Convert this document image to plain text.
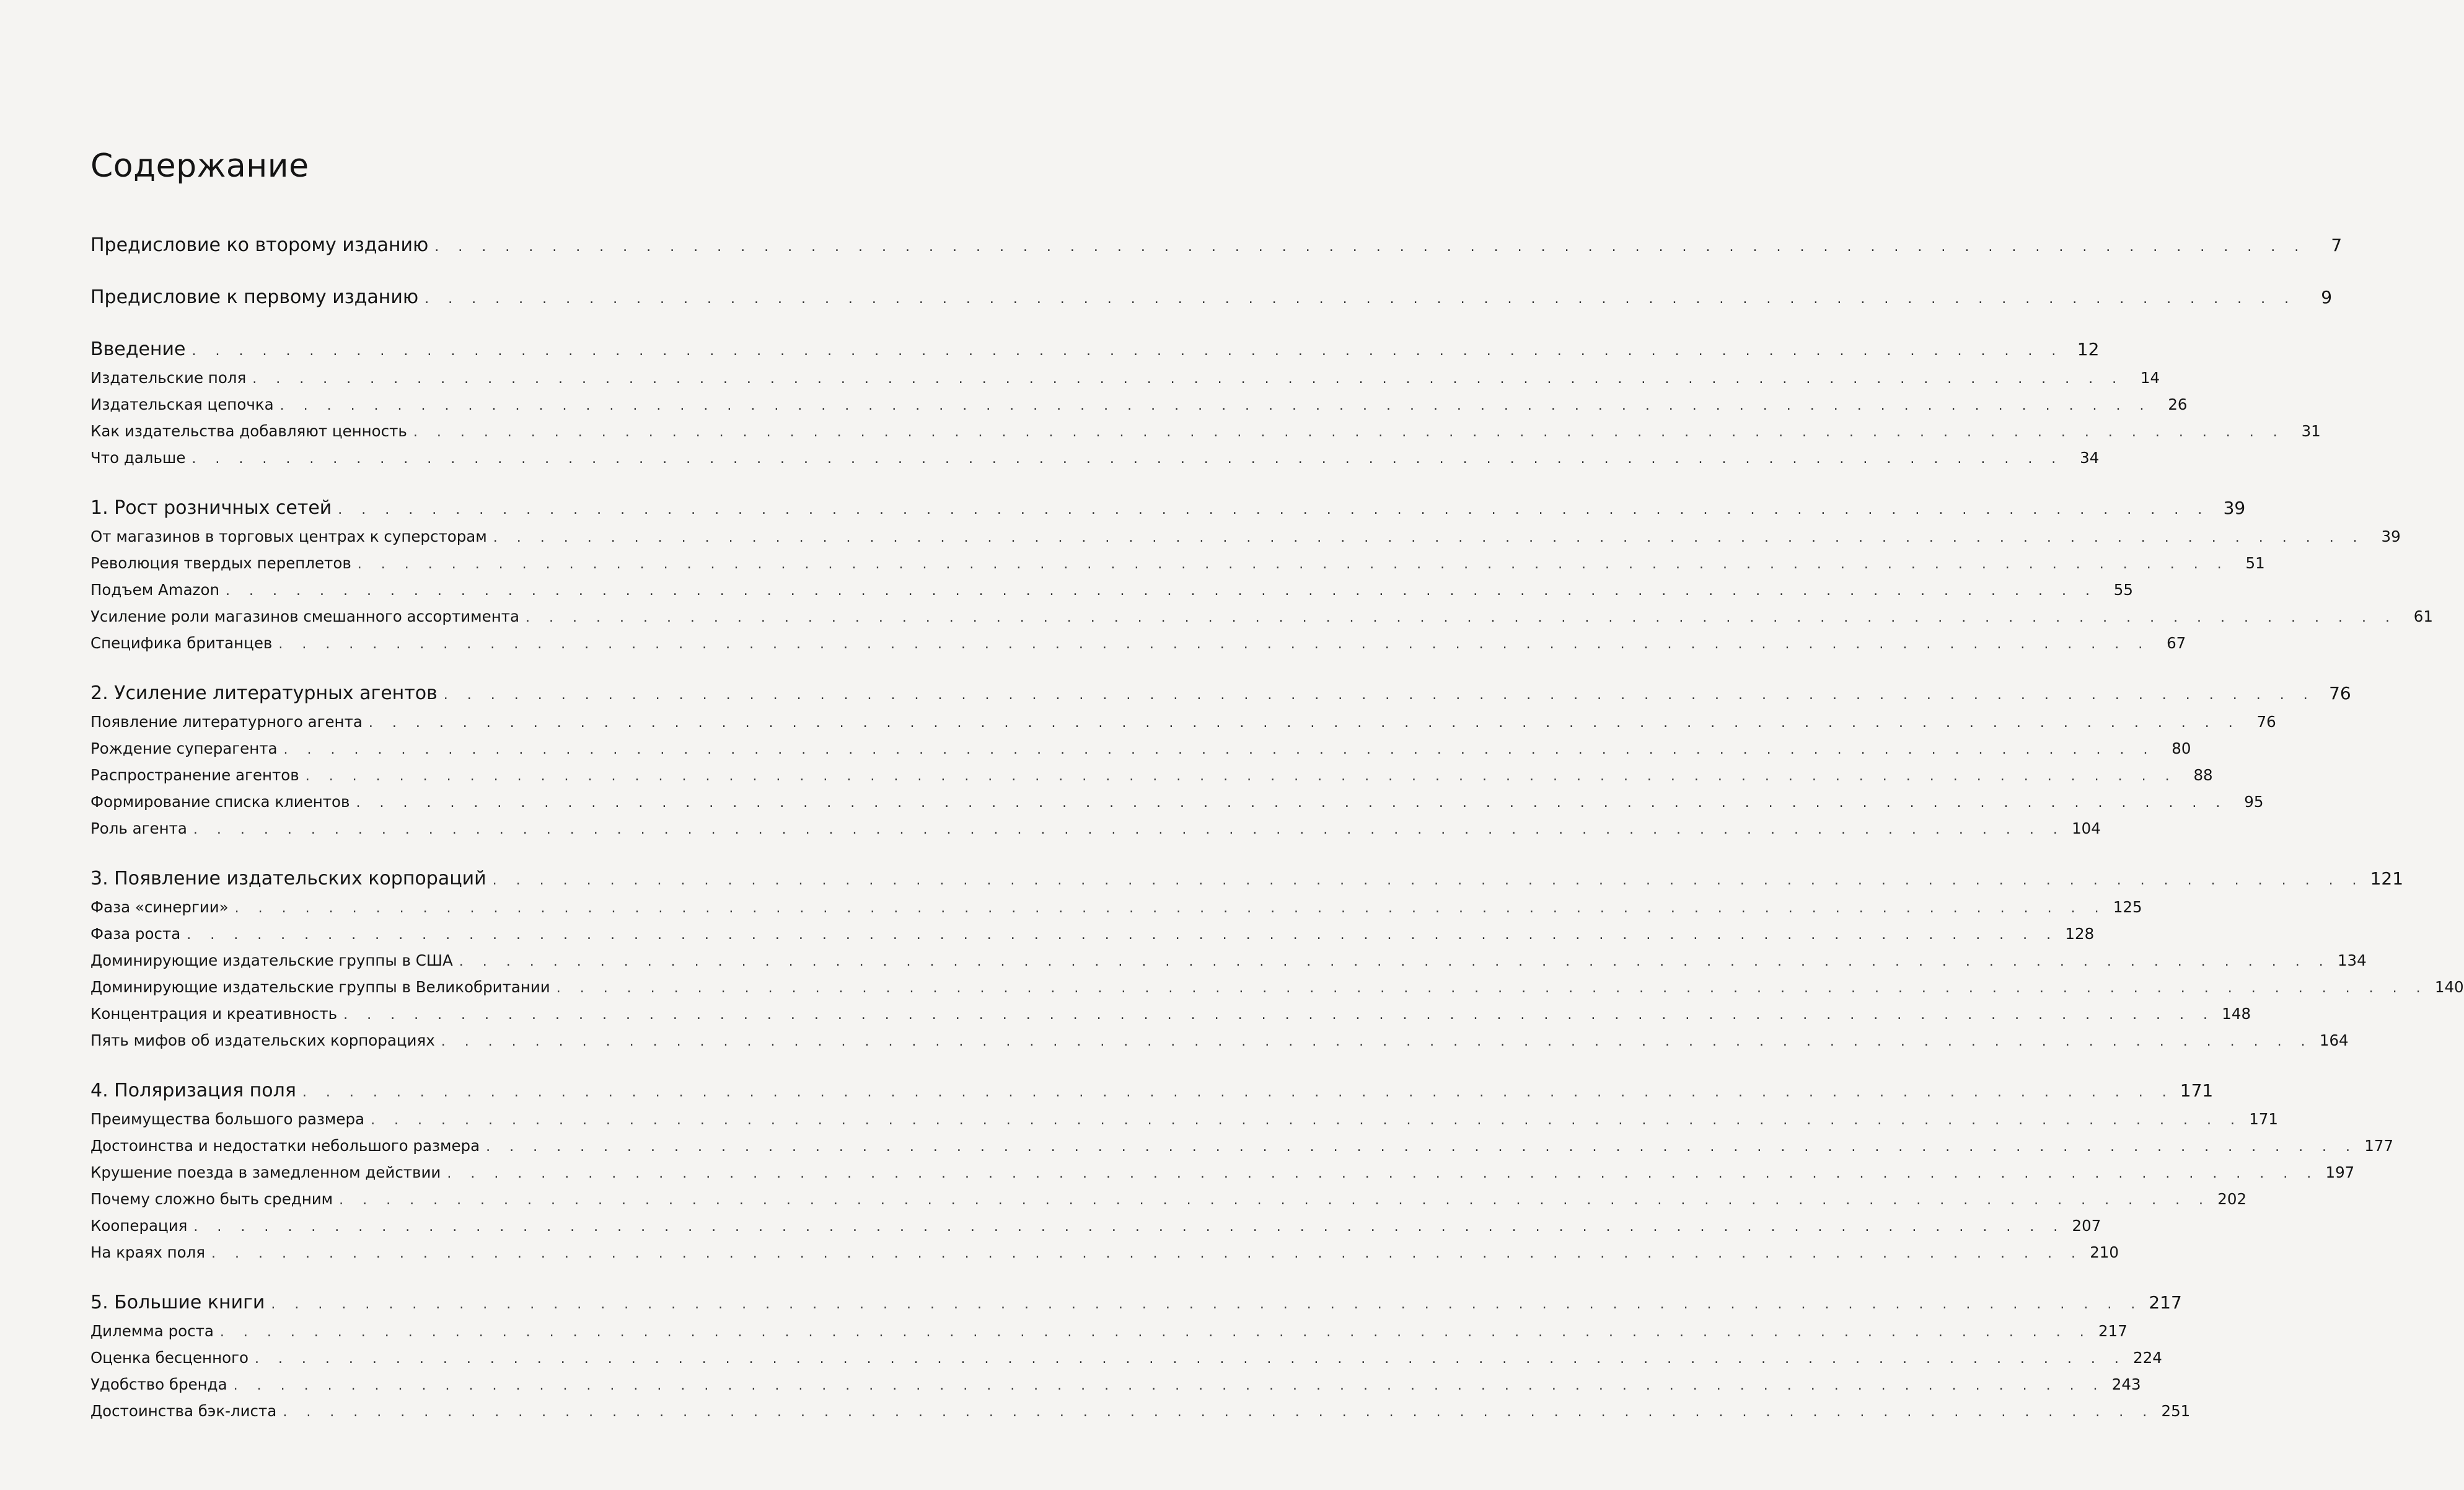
Содержание
Предисловие ко второму изданию . . . . . . . . . . . . . . . . . . . . . . . . . . . . . . . . . . . . . . . . . . . . . . . . . . . . . . . . . . . . . . . . . . . . . . . . . . . . . . . .	7
Предисловие к первому изданию . . . . . . . . . . . . . . . . . . . . . . . . . . . . . . . . . . . . . . . . . . . . . . . . . . . . . . . . . . . . . . . . . . . . . . . . . . . . . . . .	9
Введение . . . . . . . . . . . . . . . . . . . . . . . . . . . . . . . . . . . . . . . . . . . . . . . . . . . . . . . . . . . . . . . . . . . . . . . . . . . . . . . . 12
Издательские поля . . . . . . . . . . . . . . . . . . . . . . . . . . . . . . . . . . . . . . . . . . . . . . . . . . . . . . . . . . . . . . . . . . . . . . . . . . . . . . . .	14
Издательская цепочка . . . . . . . . . . . . . . . . . . . . . . . . . . . . . . . . . . . . . . . . . . . . . . . . . . . . . . . . . . . . . . . . . . . . . . . . . . . . . . . .	26
Как издательства добавляют ценность . . . . . . . . . . . . . . . . . . . . . . . . . . . . . . . . . . . . . . . . . . . . . . . . . . . . . . . . . . . . . . . . . . . . . . . . . . . . . . . .	31
Что дальше . . . . . . . . . . . . . . . . . . . . . . . . . . . . . . . . . . . . . . . . . . . . . . . . . . . . . . . . . . . . . . . . . . . . . . . . . . . . . . . .	34
1. Рост розничных сетей . . . . . . . . . . . . . . . . . . . . . . . . . . . . . . . . . . . . . . . . . . . . . . . . . . . . . . . . . . . . . . . . . . . . . . . . . . . . . . . . 39
От магазинов в торговых центрах к суперсторам . . . . . . . . . . . . . . . . . . . . . . . . . . . . . . . . . . . . . . . . . . . . . . . . . . . . . . . . . . . . . . . . . . . . . . . . . . . . . . . .	39
Революция твердых переплетов . . . . . . . . . . . . . . . . . . . . . . . . . . . . . . . . . . . . . . . . . . . . . . . . . . . . . . . . . . . . . . . . . . . . . . . . . . . . . . . .	51
Подъем Amazon . . . . . . . . . . . . . . . . . . . . . . . . . . . . . . . . . . . . . . . . . . . . . . . . . . . . . . . . . . . . . . . . . . . . . . . . . . . . . . . .	55
Усиление роли магазинов смешанного ассортимента . . . . . . . . . . . . . . . . . . . . . . . . . . . . . . . . . . . . . . . . . . . . . . . . . . . . . . . . . . . . . . . . . . . . . . . . . . . . . . . .	61
Специфика британцев . . . . . . . . . . . . . . . . . . . . . . . . . . . . . . . . . . . . . . . . . . . . . . . . . . . . . . . . . . . . . . . . . . . . . . . . . . . . . . . .	67
2. Усиление литературных агентов . . . . . . . . . . . . . . . . . . . . . . . . . . . . . . . . . . . . . . . . . . . . . . . . . . . . . . . . . . . . . . . . . . . . . . . . . . . . . . . . 76
Появление литературного агента . . . . . . . . . . . . . . . . . . . . . . . . . . . . . . . . . . . . . . . . . . . . . . . . . . . . . . . . . . . . . . . . . . . . . . . . . . . . . . . .	76
Рождение суперагента . . . . . . . . . . . . . . . . . . . . . . . . . . . . . . . . . . . . . . . . . . . . . . . . . . . . . . . . . . . . . . . . . . . . . . . . . . . . . . . .	80
Распространение агентов . . . . . . . . . . . . . . . . . . . . . . . . . . . . . . . . . . . . . . . . . . . . . . . . . . . . . . . . . . . . . . . . . . . . . . . . . . . . . . . .	88
Формирование списка клиентов . . . . . . . . . . . . . . . . . . . . . . . . . . . . . . . . . . . . . . . . . . . . . . . . . . . . . . . . . . . . . . . . . . . . . . . . . . . . . . . .	95
Роль агента . . . . . . . . . . . . . . . . . . . . . . . . . . . . . . . . . . . . . . . . . . . . . . . . . . . . . . . . . . . . . . . . . . . . . . . . . . . . . . . . 104
3. Появление издательских корпораций . . . . . . . . . . . . . . . . . . . . . . . . . . . . . . . . . . . . . . . . . . . . . . . . . . . . . . . . . . . . . . . . . . . . . . . . . . . . . . . . 121
Фаза «синергии» . . . . . . . . . . . . . . . . . . . . . . . . . . . . . . . . . . . . . . . . . . . . . . . . . . . . . . . . . . . . . . . . . . . . . . . . . . . . . . . . 125
Фаза роста . . . . . . . . . . . . . . . . . . . . . . . . . . . . . . . . . . . . . . . . . . . . . . . . . . . . . . . . . . . . . . . . . . . . . . . . . . . . . . . . 128
Доминирующие издательские группы в США . . . . . . . . . . . . . . . . . . . . . . . . . . . . . . . . . . . . . . . . . . . . . . . . . . . . . . . . . . . . . . . . . . . . . . . . . . . . . . . . 134
Доминирующие издательские группы в Великобритании . . . . . . . . . . . . . . . . . . . . . . . . . . . . . . . . . . . . . . . . . . . . . . . . . . . . . . . . . . . . . . . . . . . . . . . . . . . . . . . . 140
Концентрация и креативность . . . . . . . . . . . . . . . . . . . . . . . . . . . . . . . . . . . . . . . . . . . . . . . . . . . . . . . . . . . . . . . . . . . . . . . . . . . . . . . . 148
Пять мифов об издательских корпорациях . . . . . . . . . . . . . . . . . . . . . . . . . . . . . . . . . . . . . . . . . . . . . . . . . . . . . . . . . . . . . . . . . . . . . . . . . . . . . . . . 164
4. Поляризация поля . . . . . . . . . . . . . . . . . . . . . . . . . . . . . . . . . . . . . . . . . . . . . . . . . . . . . . . . . . . . . . . . . . . . . . . . . . . . . . . . 171
Преимущества большого размера . . . . . . . . . . . . . . . . . . . . . . . . . . . . . . . . . . . . . . . . . . . . . . . . . . . . . . . . . . . . . . . . . . . . . . . . . . . . . . . . 171
Достоинства и недостатки небольшого размера . . . . . . . . . . . . . . . . . . . . . . . . . . . . . . . . . . . . . . . . . . . . . . . . . . . . . . . . . . . . . . . . . . . . . . . . . . . . . . . . 177
Крушение поезда в замедленном действии . . . . . . . . . . . . . . . . . . . . . . . . . . . . . . . . . . . . . . . . . . . . . . . . . . . . . . . . . . . . . . . . . . . . . . . . . . . . . . . . 197
Почему сложно быть средним . . . . . . . . . . . . . . . . . . . . . . . . . . . . . . . . . . . . . . . . . . . . . . . . . . . . . . . . . . . . . . . . . . . . . . . . . . . . . . . . 202
Кооперация . . . . . . . . . . . . . . . . . . . . . . . . . . . . . . . . . . . . . . . . . . . . . . . . . . . . . . . . . . . . . . . . . . . . . . . . . . . . . . . . 207
На краях поля . . . . . . . . . . . . . . . . . . . . . . . . . . . . . . . . . . . . . . . . . . . . . . . . . . . . . . . . . . . . . . . . . . . . . . . . . . . . . . . . 210
5. Большие книги . . . . . . . . . . . . . . . . . . . . . . . . . . . . . . . . . . . . . . . . . . . . . . . . . . . . . . . . . . . . . . . . . . . . . . . . . . . . . . . . 217
Дилемма роста . . . . . . . . . . . . . . . . . . . . . . . . . . . . . . . . . . . . . . . . . . . . . . . . . . . . . . . . . . . . . . . . . . . . . . . . . . . . . . . . 217
Оценка бесценного . . . . . . . . . . . . . . . . . . . . . . . . . . . . . . . . . . . . . . . . . . . . . . . . . . . . . . . . . . . . . . . . . . . . . . . . . . . . . . . . 224
Удобство бренда . . . . . . . . . . . . . . . . . . . . . . . . . . . . . . . . . . . . . . . . . . . . . . . . . . . . . . . . . . . . . . . . . . . . . . . . . . . . . . . . 243
Достоинства бэк-листа . . . . . . . . . . . . . . . . . . . . . . . . . . . . . . . . . . . . . . . . . . . . . . . . . . . . . . . . . . . . . . . . . . . . . . . . . . . . . . . . 251
